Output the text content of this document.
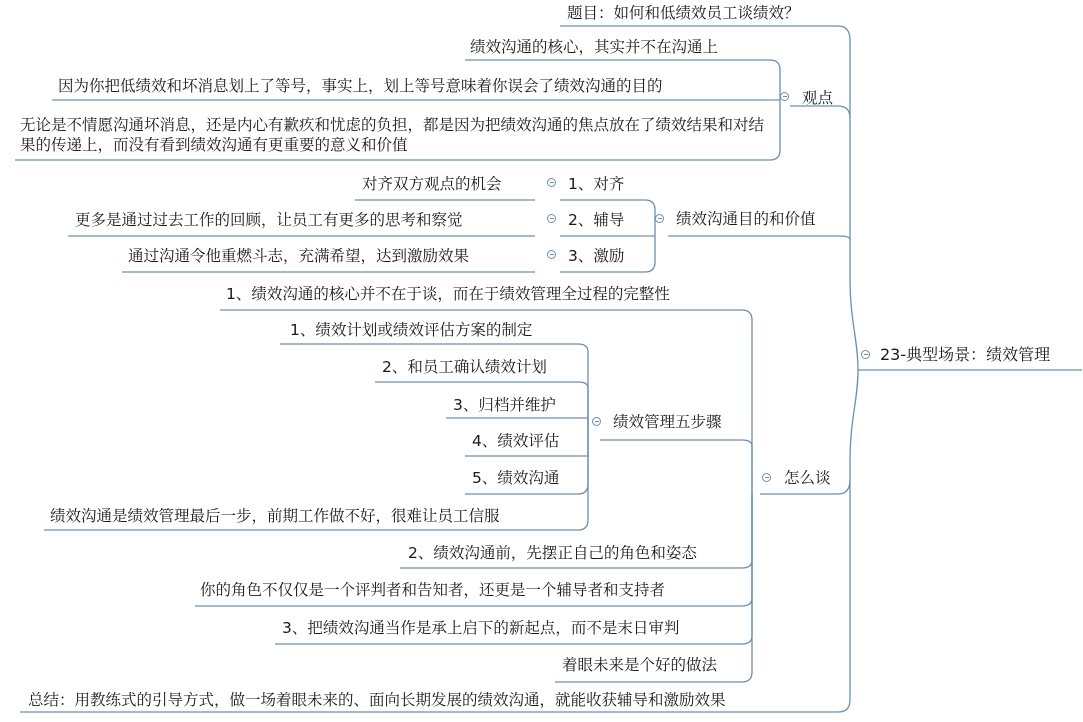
23-典型场景：绩效管理
题目：如何和低绩效员工谈绩效？
观点
绩效沟通的核心，其实并不在沟通上
因为你把低绩效和坏消息划上了等号，事实上，划上等号意味着你误会了绩效沟通的目的
无论是不情愿沟通坏消息，还是内心有歉疚和忧虑的负担，都是因为把绩效沟通的焦点放在了绩效结果和对结果的传递上，而没有看到绩效沟通有更重要的意义和价值
绩效沟通目的和价值
1、对齐
对齐双方观点的机会
2、辅导
更多是通过过去工作的回顾，让员工有更多的思考和察觉
3、激励
通过沟通令他重燃斗志，充满希望，达到激励效果
怎么谈
1、绩效沟通的核心并不在于谈，而在于绩效管理全过程的完整性
绩效管理五步骤
1、绩效计划或绩效评估方案的制定
2、和员工确认绩效计划
3、归档并维护
4、绩效评估
5、绩效沟通
绩效沟通是绩效管理最后一步，前期工作做不好，很难让员工信服
2、绩效沟通前，先摆正自己的角色和姿态
你的角色不仅仅是一个评判者和告知者，还更是一个辅导者和支持者
3、把绩效沟通当作是承上启下的新起点，而不是末日审判
着眼未来是个好的做法
总结：用教练式的引导方式，做一场着眼未来的、面向长期发展的绩效沟通，就能收获辅导和激励效果
